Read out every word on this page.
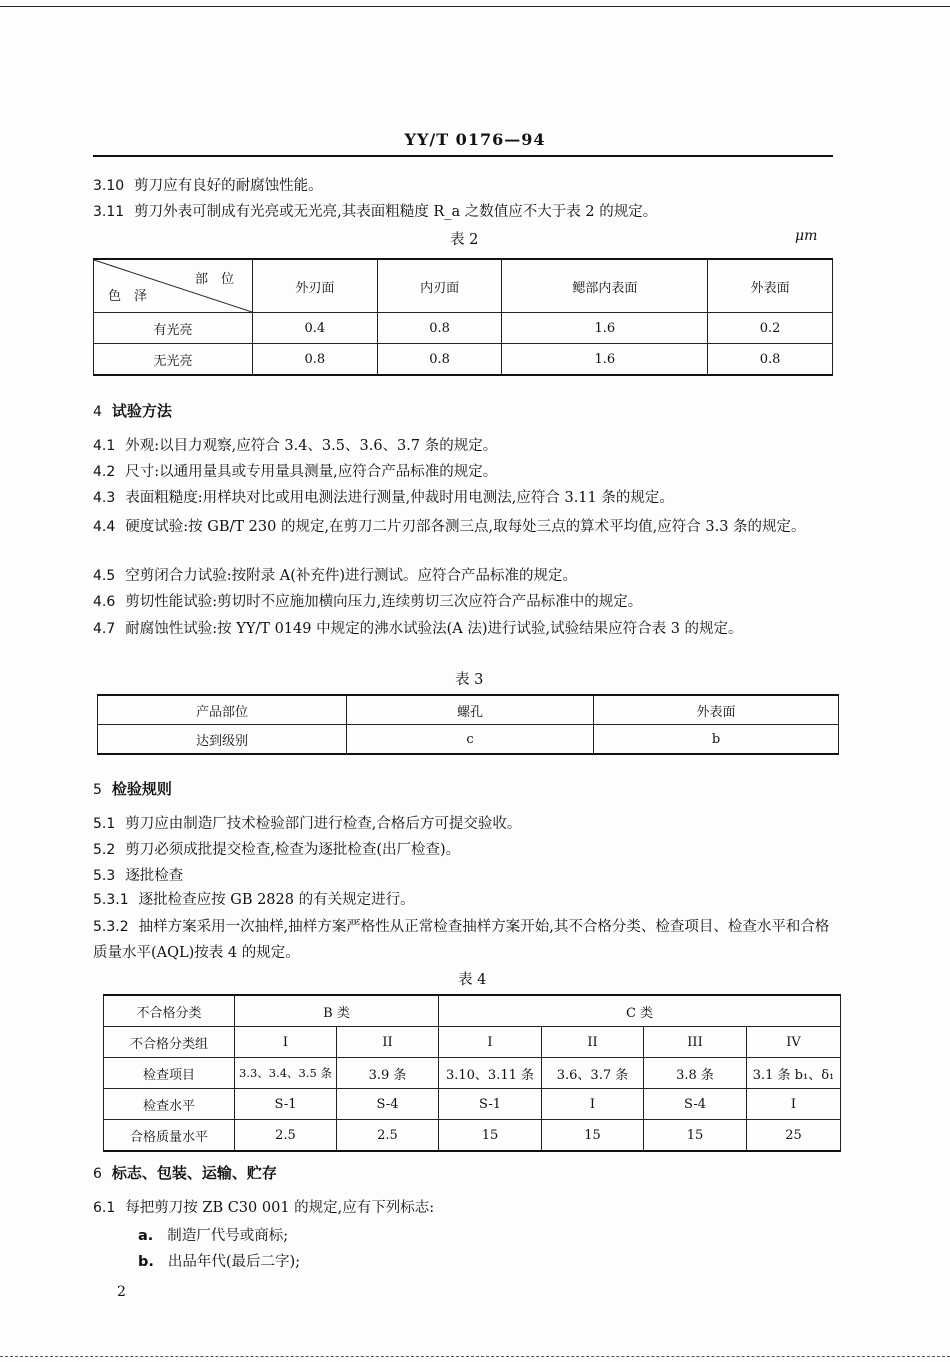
YY/T 0176—94
3.10 剪刀应有良好的耐腐蚀性能。
3.11 剪刀外表可制成有光亮或无光亮,其表面粗糙度 R_a 之数值应不大于表 2 的规定。
表 2	μm
部　位
色　泽	外刃面	内刃面	鳃部内表面	外表面
有光亮	0.4	0.8	1.6	0.2
无光亮	0.8	0.8	1.6	0.8
4 试验方法
4.1 外观:以目力观察,应符合 3.4、3.5、3.6、3.7 条的规定。
4.2 尺寸:以通用量具或专用量具测量,应符合产品标准的规定。
4.3 表面粗糙度:用样块对比或用电测法进行测量,仲裁时用电测法,应符合 3.11 条的规定。
4.4 硬度试验:按 GB/T 230 的规定,在剪刀二片刃部各测三点,取每处三点的算术平均值,应符合 3.3 条的规定。
4.5 空剪闭合力试验:按附录 A(补充件)进行测试。应符合产品标准的规定。
4.6 剪切性能试验:剪切时不应施加横向压力,连续剪切三次应符合产品标准中的规定。
4.7 耐腐蚀性试验:按 YY/T 0149 中规定的沸水试验法(A 法)进行试验,试验结果应符合表 3 的规定。
表 3
产品部位	螺孔	外表面
达到级别	c	b
5 检验规则
5.1 剪刀应由制造厂技术检验部门进行检查,合格后方可提交验收。
5.2 剪刀必须成批提交检查,检查为逐批检查(出厂检查)。
5.3 逐批检查
5.3.1 逐批检查应按 GB 2828 的有关规定进行。
5.3.2 抽样方案采用一次抽样,抽样方案严格性从正常检查抽样方案开始,其不合格分类、检查项目、检查水平和合格质量水平(AQL)按表 4 的规定。
表 4
不合格分类	B 类		C 类			
不合格分类组	I	II	I	II	III	IV
检查项目	3.3、3.4、3.5 条	3.9 条	3.10、3.11 条	3.6、3.7 条	3.8 条	3.1 条 b₁、δ₁
检查水平	S-1	S-4	S-1	I	S-4	I
合格质量水平	2.5	2.5	15	15	15	25
6 标志、包装、运输、贮存
6.1 每把剪刀按 ZB C30 001 的规定,应有下列标志:
a. 制造厂代号或商标;
b. 出品年代(最后二字);
2
